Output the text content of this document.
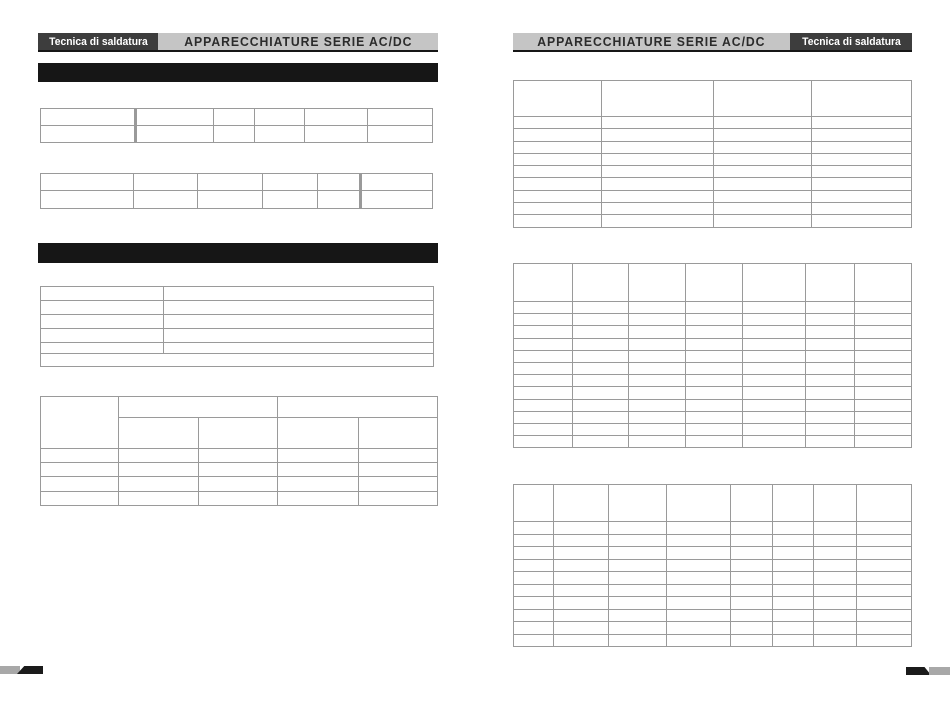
Tecnica di saldatura	APPARECCHIATURE SERIE AC/DC	APPARECCHIATURE SERIE AC/DC	Tecnica di saldatura
